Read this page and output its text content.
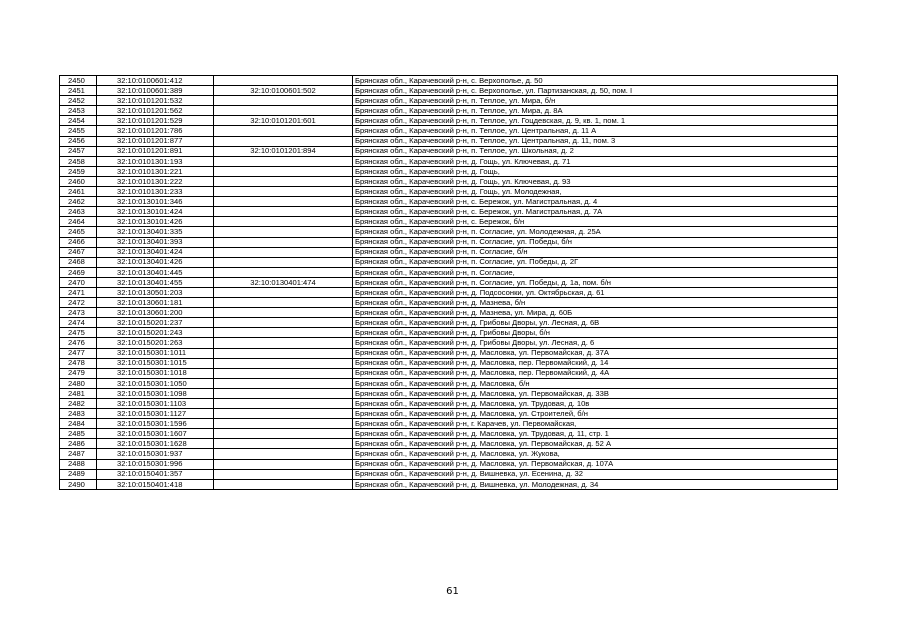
2450	32:10:0100601:412		Брянская обл., Карачевский р-н, с. Верхополье, д. 50
2451	32:10:0100601:389	32:10:0100601:502	Брянская обл., Карачевский р-н, с. Верхополье, ул. Партизанская, д. 50, пом. I
2452	32:10:0101201:532		Брянская обл., Карачевский р-н, п. Теплое, ул. Мира, б/н
2453	32:10:0101201:562		Брянская обл., Карачевский р-н, п. Теплое, ул. Мира, д. 8А
2454	32:10:0101201:529	32:10:0101201:601	Брянская обл., Карачевский р-н, п. Теплое, ул. Гоцдевская, д. 9, кв. 1, пом. 1
2455	32:10:0101201:786		Брянская обл., Карачевский р-н, п. Теплое, ул. Центральная, д. 11 А
2456	32:10:0101201:877		Брянская обл., Карачевский р-н, п. Теплое, ул. Центральная, д. 11, пом. 3
2457	32:10:0101201:891	32:10:0101201:894	Брянская обл., Карачевский р-н, п. Теплое, ул. Школьная, д. 2
2458	32:10:0101301:193		Брянская обл., Карачевский р-н, д. Гощь, ул. Ключевая, д. 71
2459	32:10:0101301:221		Брянская обл., Карачевский р-н, д. Гощь,
2460	32:10:0101301:222		Брянская обл., Карачевский р-н, д. Гощь, ул. Ключевая, д. 93
2461	32:10:0101301:233		Брянская обл., Карачевский р-н, д. Гощь, ул. Молодежная,
2462	32:10:0130101:346		Брянская обл., Карачевский р-н, с. Бережок, ул. Магистральная, д. 4
2463	32:10:0130101:424		Брянская обл., Карачевский р-н, с. Бережок, ул. Магистральная, д. 7А
2464	32:10:0130101:426		Брянская обл., Карачевский р-н, с. Бережок, б/н
2465	32:10:0130401:335		Брянская обл., Карачевский р-н, п. Согласие, ул. Молодежная, д. 25А
2466	32:10:0130401:393		Брянская обл., Карачевский р-н, п. Согласие, ул. Победы, б/н
2467	32:10:0130401:424		Брянская обл., Карачевский р-н, п. Согласие, б/н
2468	32:10:0130401:426		Брянская обл., Карачевский р-н, п. Согласие, ул. Победы, д. 2Г
2469	32:10:0130401:445		Брянская обл., Карачевский р-н, п. Согласие,
2470	32:10:0130401:455	32:10:0130401:474	Брянская обл., Карачевский р-н, п. Согласие, ул. Победы, д. 1а, пом. б/н
2471	32:10:0130501:203		Брянская обл., Карачевский р-н, д. Подсосонки, ул. Октябрьская, д. 61
2472	32:10:0130601:181		Брянская обл., Карачевский р-н, д. Мазнева, б/н
2473	32:10:0130601:200		Брянская обл., Карачевский р-н, д. Мазнева, ул. Мира, д. 60Б
2474	32:10:0150201:237		Брянская обл., Карачевский р-н, д. Грибовы Дворы, ул. Лесная, д. 6В
2475	32:10:0150201:243		Брянская обл., Карачевский р-н, д. Грибовы Дворы, б/н
2476	32:10:0150201:263		Брянская обл., Карачевский р-н, д. Грибовы Дворы, ул. Лесная, д. 6
2477	32:10:0150301:1011		Брянская обл., Карачевский р-н, д. Масловка, ул. Первомайская, д. 37А
2478	32:10:0150301:1015		Брянская обл., Карачевский р-н, д. Масловка, пер. Первомайский, д. 14
2479	32:10:0150301:1018		Брянская обл., Карачевский р-н, д. Масловка, пер. Первомайский, д. 4А
2480	32:10:0150301:1050		Брянская обл., Карачевский р-н, д. Масловка, б/н
2481	32:10:0150301:1098		Брянская обл., Карачевский р-н, д. Масловка, ул. Первомайская, д. 33В
2482	32:10:0150301:1103		Брянская обл., Карачевский р-н, д. Масловка, ул. Трудовая, д. 10в
2483	32:10:0150301:1127		Брянская обл., Карачевский р-н, д. Масловка, ул. Строителей, б/н
2484	32:10:0150301:1596		Брянская обл., Карачевский р-н, г. Карачев, ул. Первомайская,
2485	32:10:0150301:1607		Брянская обл., Карачевский р-н, д. Масловка, ул. Трудовая, д. 11, стр. 1
2486	32:10:0150301:1628		Брянская обл., Карачевский р-н, д. Масловка, ул. Первомайская, д. 52 А
2487	32:10:0150301:937		Брянская обл., Карачевский р-н, д. Масловка, ул. Жукова,
2488	32:10:0150301:996		Брянская обл., Карачевский р-н, д. Масловка, ул. Первомайская, д. 107А
2489	32:10:0150401:357		Брянская обл., Карачевский р-н, д. Вишневка, ул. Есенина, д. 32
2490	32:10:0150401:418		Брянская обл., Карачевский р-н, д. Вишневка, ул. Молодежная, д. 34
61
